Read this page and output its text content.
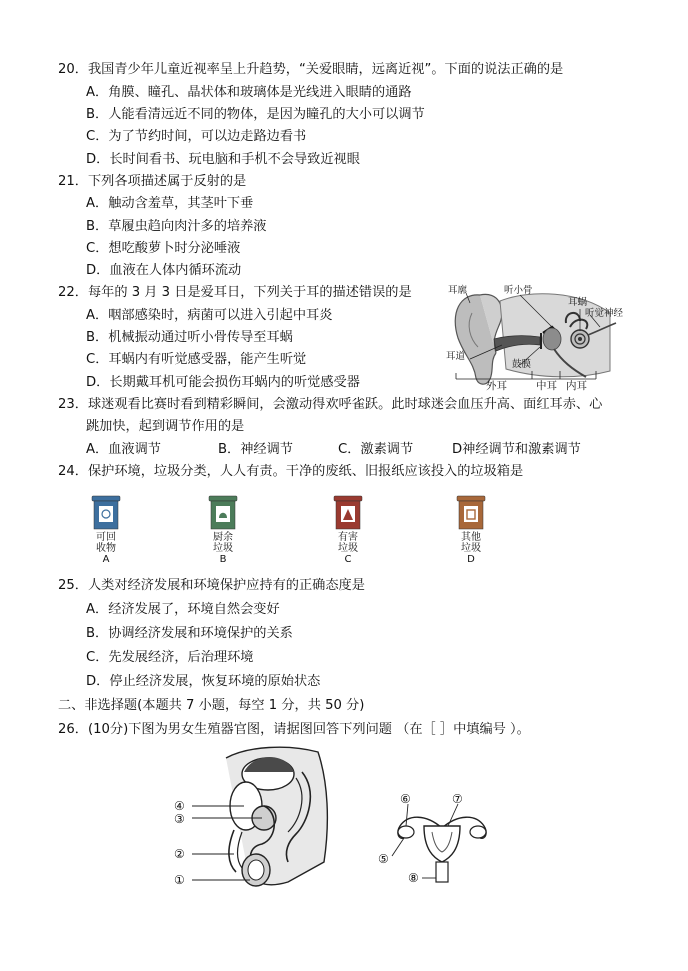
20．我国青少年儿童近视率呈上升趋势，“关爱眼睛，远离近视”。下面的说法正确的是
A．角膜、瞳孔、晶状体和玻璃体是光线进入眼睛的通路
B．人能看清远近不同的物体，是因为瞳孔的大小可以调节
C．为了节约时间，可以边走路边看书
D．长时间看书、玩电脑和手机不会导致近视眼
21．下列各项描述属于反射的是
A．触动含羞草，其茎叶下垂
B．草履虫趋向肉汁多的培养液
C．想吃酸萝卜时分泌唾液
D．血液在人体内循环流动
22．每年的 3 月 3 日是爱耳日，下列关于耳的描述错误的是
A．咽部感染时，病菌可以进入引起中耳炎
B．机械振动通过听小骨传导至耳蜗
C．耳蜗内有听觉感受器，能产生听觉
D．长期戴耳机可能会损伤耳蜗内的听觉感受器
耳廓	听小骨
耳蜗
听觉神经
耳道
鼓膜
外耳	中耳 内耳
23．球迷观看比赛时看到精彩瞬间，会激动得欢呼雀跃。此时球迷会血压升高、面红耳赤、心
跳加快，起到调节作用的是
A．血液调节	B．神经调节	C．激素调节	D神经调节和激素调节
24．保护环境，垃圾分类，人人有责。干净的废纸、旧报纸应该投入的垃圾箱是
可回
收物
A
厨余
垃圾
B
有害
垃圾
C
其他
垃圾
D
25．人类对经济发展和环境保护应持有的正确态度是
A．经济发展了，环境自然会变好
B．协调经济发展和环境保护的关系
C．先发展经济，后治理环境
D．停止经济发展，恢复环境的原始状态
二、非选择题(本题共 7 小题，每空 1 分，共 50 分)
26．(10分)下图为男女生殖器官图，请据图回答下列问题 （在［ ］中填编号 ）。
④
③
②
①
⑥	⑦
⑤
⑧
